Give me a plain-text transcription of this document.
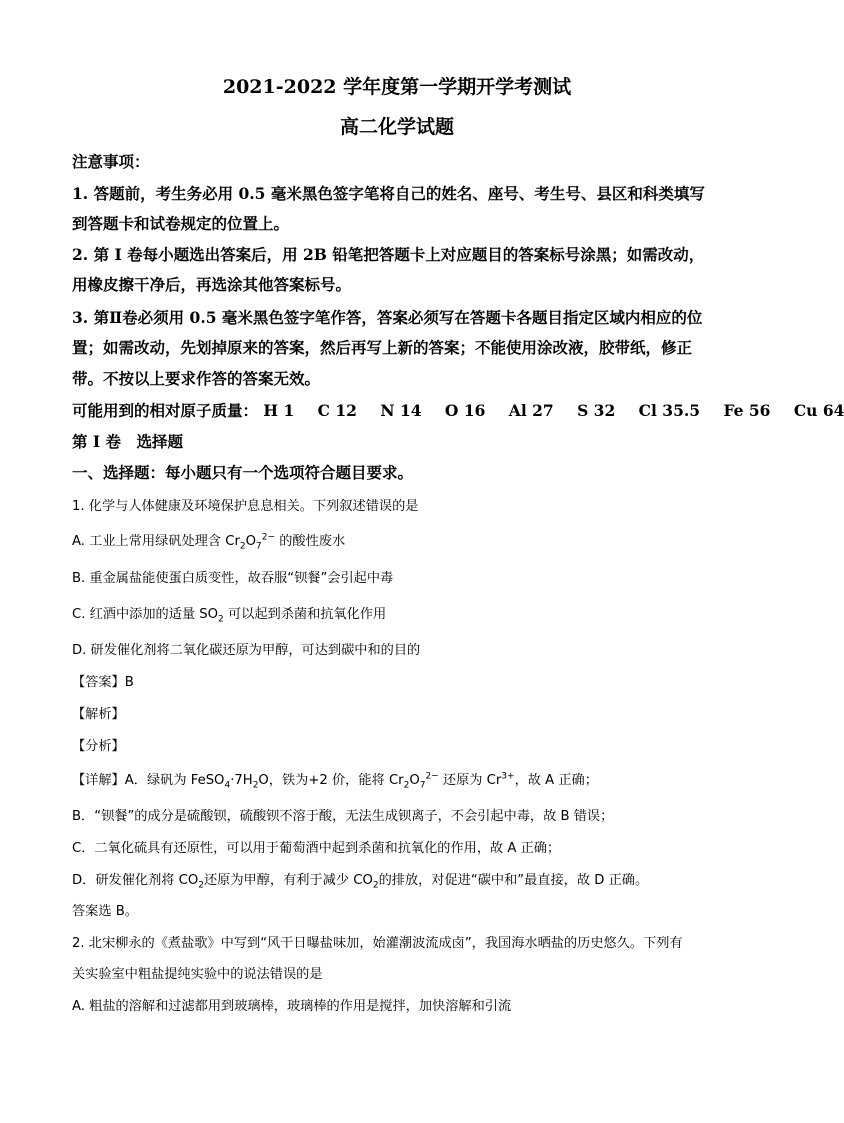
2021-2022 学年度第一学期开学考测试
高二化学试题
注意事项：
1. 答题前，考生务必用 0.5 毫米黑色签字笔将自己的姓名、座号、考生号、县区和科类填写
到答题卡和试卷规定的位置上。
2. 第 I 卷每小题选出答案后，用 2B 铅笔把答题卡上对应题目的答案标号涂黑；如需改动，
用橡皮擦干净后，再选涂其他答案标号。
3. 第Ⅱ卷必须用 0.5 毫米黑色签字笔作答，答案必须写在答题卡各题目指定区域内相应的位
置；如需改动，先划掉原来的答案，然后再写上新的答案；不能使用涂改液，胶带纸，修正
带。不按以上要求作答的答案无效。
可能用到的相对原子质量： H 1 C 12 N 14 O 16 Al 27 S 32 Cl 35.5 Fe 56 Cu 64
第 I 卷　选择题
一、选择题：每小题只有一个选项符合题目要求。
1. 化学与人体健康及环境保护息息相关。下列叙述错误的是
A. 工业上常用绿矾处理含 $Cr_2O_7^{2-}$ 的酸性废水
B. 重金属盐能使蛋白质变性，故吞服“钡餐”会引起中毒
C. 红酒中添加的适量 $SO_2$ 可以起到杀菌和抗氧化作用
D. 研发催化剂将二氧化碳还原为甲醇，可达到碳中和的目的
【答案】B
【解析】
【分析】
【详解】A．绿矾为 $FeSO_4\cdot 7H_2O$，铁为+2 价，能将 $Cr_2O_7^{2-}$ 还原为 $Cr^{3+}$，故 A 正确；
B．“钡餐”的成分是硫酸钡，硫酸钡不溶于酸，无法生成钡离子，不会引起中毒，故 B 错误；
C．二氧化硫具有还原性，可以用于葡萄酒中起到杀菌和抗氧化的作用，故 A 正确；
D．研发催化剂将 $CO_2$还原为甲醇，有利于减少 $CO_2$的排放，对促进“碳中和”最直接，故 D 正确。
答案选 B。
2. 北宋柳永的《煮盐歌》中写到“风干日曝盐味加，始灌潮波流成卤”，我国海水晒盐的历史悠久。下列有
关实验室中粗盐提纯实验中的说法错误的是
A. 粗盐的溶解和过滤都用到玻璃棒，玻璃棒的作用是搅拌，加快溶解和引流
